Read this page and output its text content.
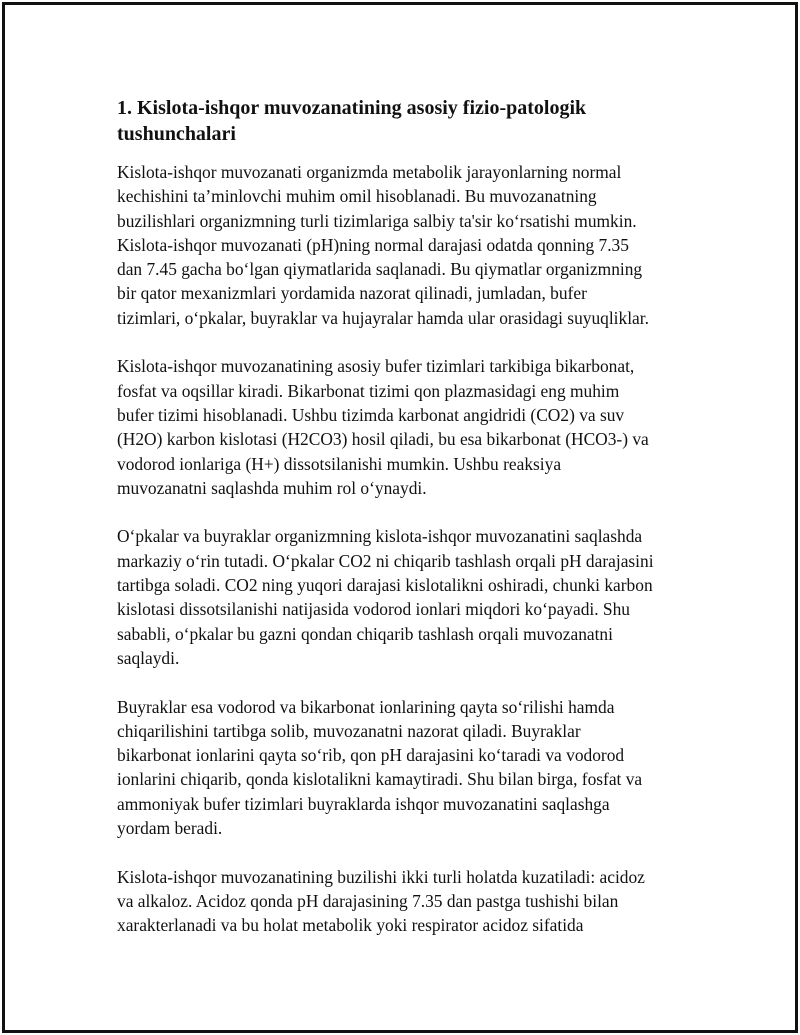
1. Kislota-ishqor muvozanatining asosiy fizio-patologik
tushunchalari
Kislota-ishqor muvozanati organizmda metabolik jarayonlarning normal
kechishini ta’minlovchi muhim omil hisoblanadi. Bu muvozanatning
buzilishlari organizmning turli tizimlariga salbiy ta'sir ko‘rsatishi mumkin.
Kislota-ishqor muvozanati (pH)ning normal darajasi odatda qonning 7.35
dan 7.45 gacha bo‘lgan qiymatlarida saqlanadi. Bu qiymatlar organizmning
bir qator mexanizmlari yordamida nazorat qilinadi, jumladan, bufer
tizimlari, o‘pkalar, buyraklar va hujayralar hamda ular orasidagi suyuqliklar.
Kislota-ishqor muvozanatining asosiy bufer tizimlari tarkibiga bikarbonat,
fosfat va oqsillar kiradi. Bikarbonat tizimi qon plazmasidagi eng muhim
bufer tizimi hisoblanadi. Ushbu tizimda karbonat angidridi (CO2) va suv
(H2O) karbon kislotasi (H2CO3) hosil qiladi, bu esa bikarbonat (HCO3-) va
vodorod ionlariga (H+) dissotsilanishi mumkin. Ushbu reaksiya
muvozanatni saqlashda muhim rol o‘ynaydi.
O‘pkalar va buyraklar organizmning kislota-ishqor muvozanatini saqlashda
markaziy o‘rin tutadi. O‘pkalar CO2 ni chiqarib tashlash orqali pH darajasini
tartibga soladi. CO2 ning yuqori darajasi kislotalikni oshiradi, chunki karbon
kislotasi dissotsilanishi natijasida vodorod ionlari miqdori ko‘payadi. Shu
sababli, o‘pkalar bu gazni qondan chiqarib tashlash orqali muvozanatni
saqlaydi.
Buyraklar esa vodorod va bikarbonat ionlarining qayta so‘rilishi hamda
chiqarilishini tartibga solib, muvozanatni nazorat qiladi. Buyraklar
bikarbonat ionlarini qayta so‘rib, qon pH darajasini ko‘taradi va vodorod
ionlarini chiqarib, qonda kislotalikni kamaytiradi. Shu bilan birga, fosfat va
ammoniyak bufer tizimlari buyraklarda ishqor muvozanatini saqlashga
yordam beradi.
Kislota-ishqor muvozanatining buzilishi ikki turli holatda kuzatiladi: acidoz
va alkaloz. Acidoz qonda pH darajasining 7.35 dan pastga tushishi bilan
xarakterlanadi va bu holat metabolik yoki respirator acidoz sifatida
